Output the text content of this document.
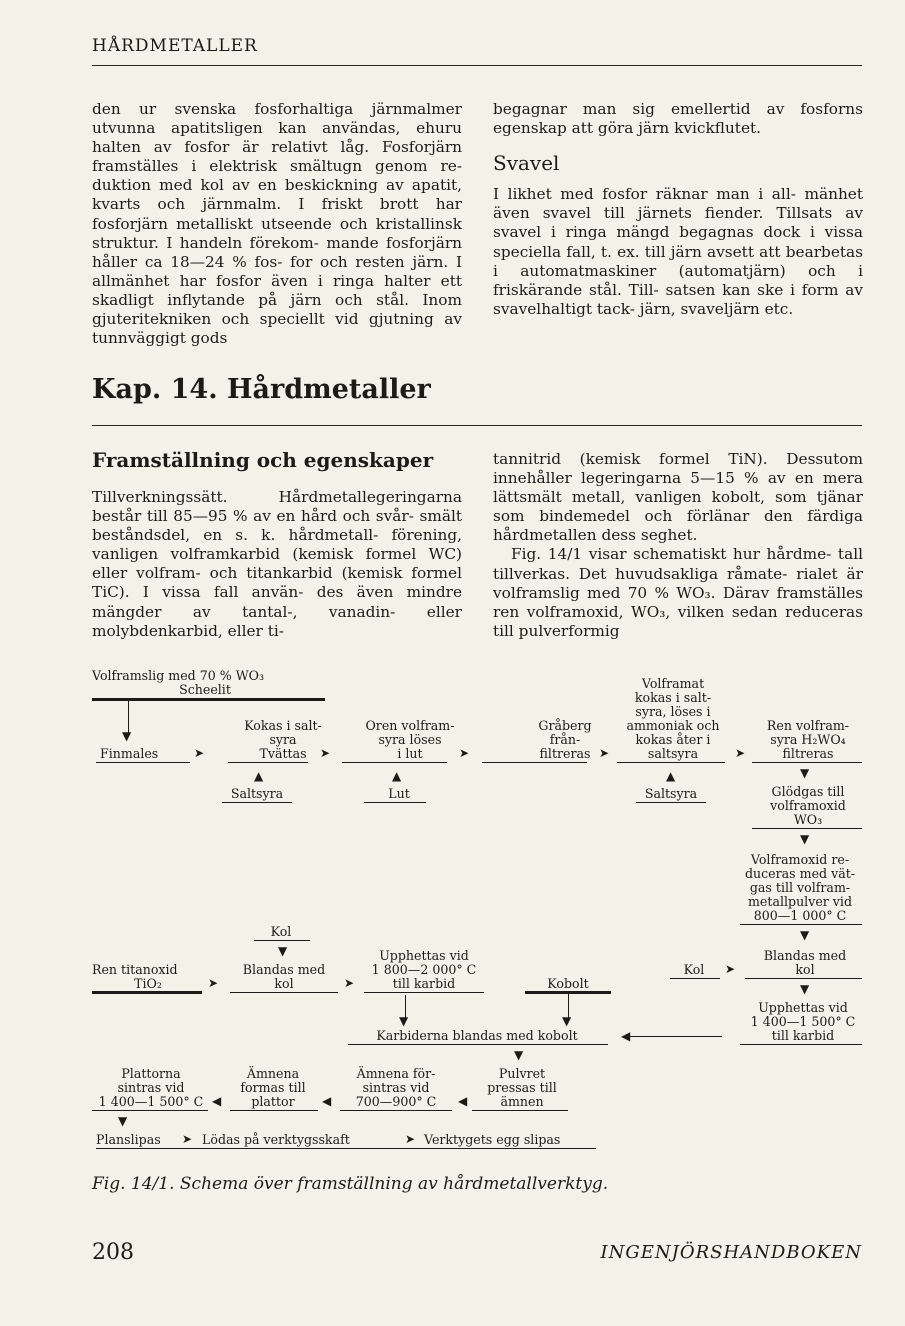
HÅRDMETALLER

den ur svenska fosforhaltiga järnmalmer utvunna apatitsligen kan användas, ehuru halten av fosfor är relativt låg. Fosforjärn framställes i elektrisk smältugn genom re- duktion med kol av en beskickning av apatit, kvarts och järnmalm. I friskt brott har fosforjärn metalliskt utseende och kristallinsk struktur. I handeln förekom- mande fosforjärn håller ca 18—24 % fos- for och resten järn. I allmänhet har fosfor även i ringa halter ett skadligt inflytande på järn och stål. Inom gjuteritekniken och speciellt vid gjutning av tunnväggigt gods

begagnar man sig emellertid av fosforns egenskap att göra järn kvickflutet.

Svavel

I likhet med fosfor räknar man i all- mänhet även svavel till järnets fiender. Tillsats av svavel i ringa mängd begagnas dock i vissa speciella fall, t. ex. till järn avsett att bearbetas i automatmaskiner (automatjärn) och i friskärande stål. Till- satsen kan ske i form av svavelhaltigt tack- järn, svaveljärn etc.

Kap. 14. Hårdmetaller
Framställning och egenskaper

Tillverkningssätt.	Hårdmetallegeringarna består till 85—95 % av en hård och svår- smält beståndsdel, en s. k. hårdmetall- förening, vanligen volframkarbid (kemisk formel WC) eller volfram- och titankarbid (kemisk formel TiC). I vissa fall använ- des även mindre mängder av tantal-, vanadin- eller molybdenkarbid, eller ti-

tannitrid (kemisk formel TiN). Dessutom innehåller legeringarna 5—15 % av en mera lättsmält metall, vanligen kobolt, som tjänar som bindemedel och förlänar den färdiga hårdmetallen dess seghet.

Fig. 14/1 visar schematiskt hur hårdme- tall tillverkas. Det huvudsakliga råmate- rialet är volframslig med 70 % WO₃. Därav framställes ren volframoxid, WO₃, vilken sedan reduceras till pulverformig

Volframslig med 70 % WO₃
Scheelit
▼
Finmales	➤
Kokas i salt-
syra
Tvättas	➤
▲
Saltsyra
Oren volfram-
syra löses
i lut	➤
▲
Lut
Gråberg
från-
filtreras ➤
Volframat
kokas i salt-
syra, löses i
ammoniak och
kokas åter i
saltsyra	➤
▲
Saltsyra
Ren volfram-
syra H₂WO₄
filtreras
▼
Glödgas till
volframoxid
WO₃
▼
Volframoxid re-
duceras med vät-
gas till volfram-
metallpulver vid
800—1 000° C
▼
Kol
▼
Ren titanoxid
TiO₂	➤
Blandas med
kol	➤
Upphettas vid
1 800—2 000° C
till karbid
▼
Kobolt
▼
Kol	➤
Blandas med
kol
▼
Upphettas vid
1 400—1 500° C
till karbid
Karbiderna blandas med kobolt	◀
▼
Plattorna
sintras vid
1 400—1 500° C ◀
▼
Ämnena
formas till
plattor	◀
Ämnena för-
sintras vid
700—900° C	◀
Pulvret
pressas till
ämnen
Planslipas ➤ Lödas på verktygsskaft	➤ Verktygets egg slipas
Fig. 14/1. Schema över framställning av hårdmetallverktyg.
208	INGENJÖRSHANDBOKEN
